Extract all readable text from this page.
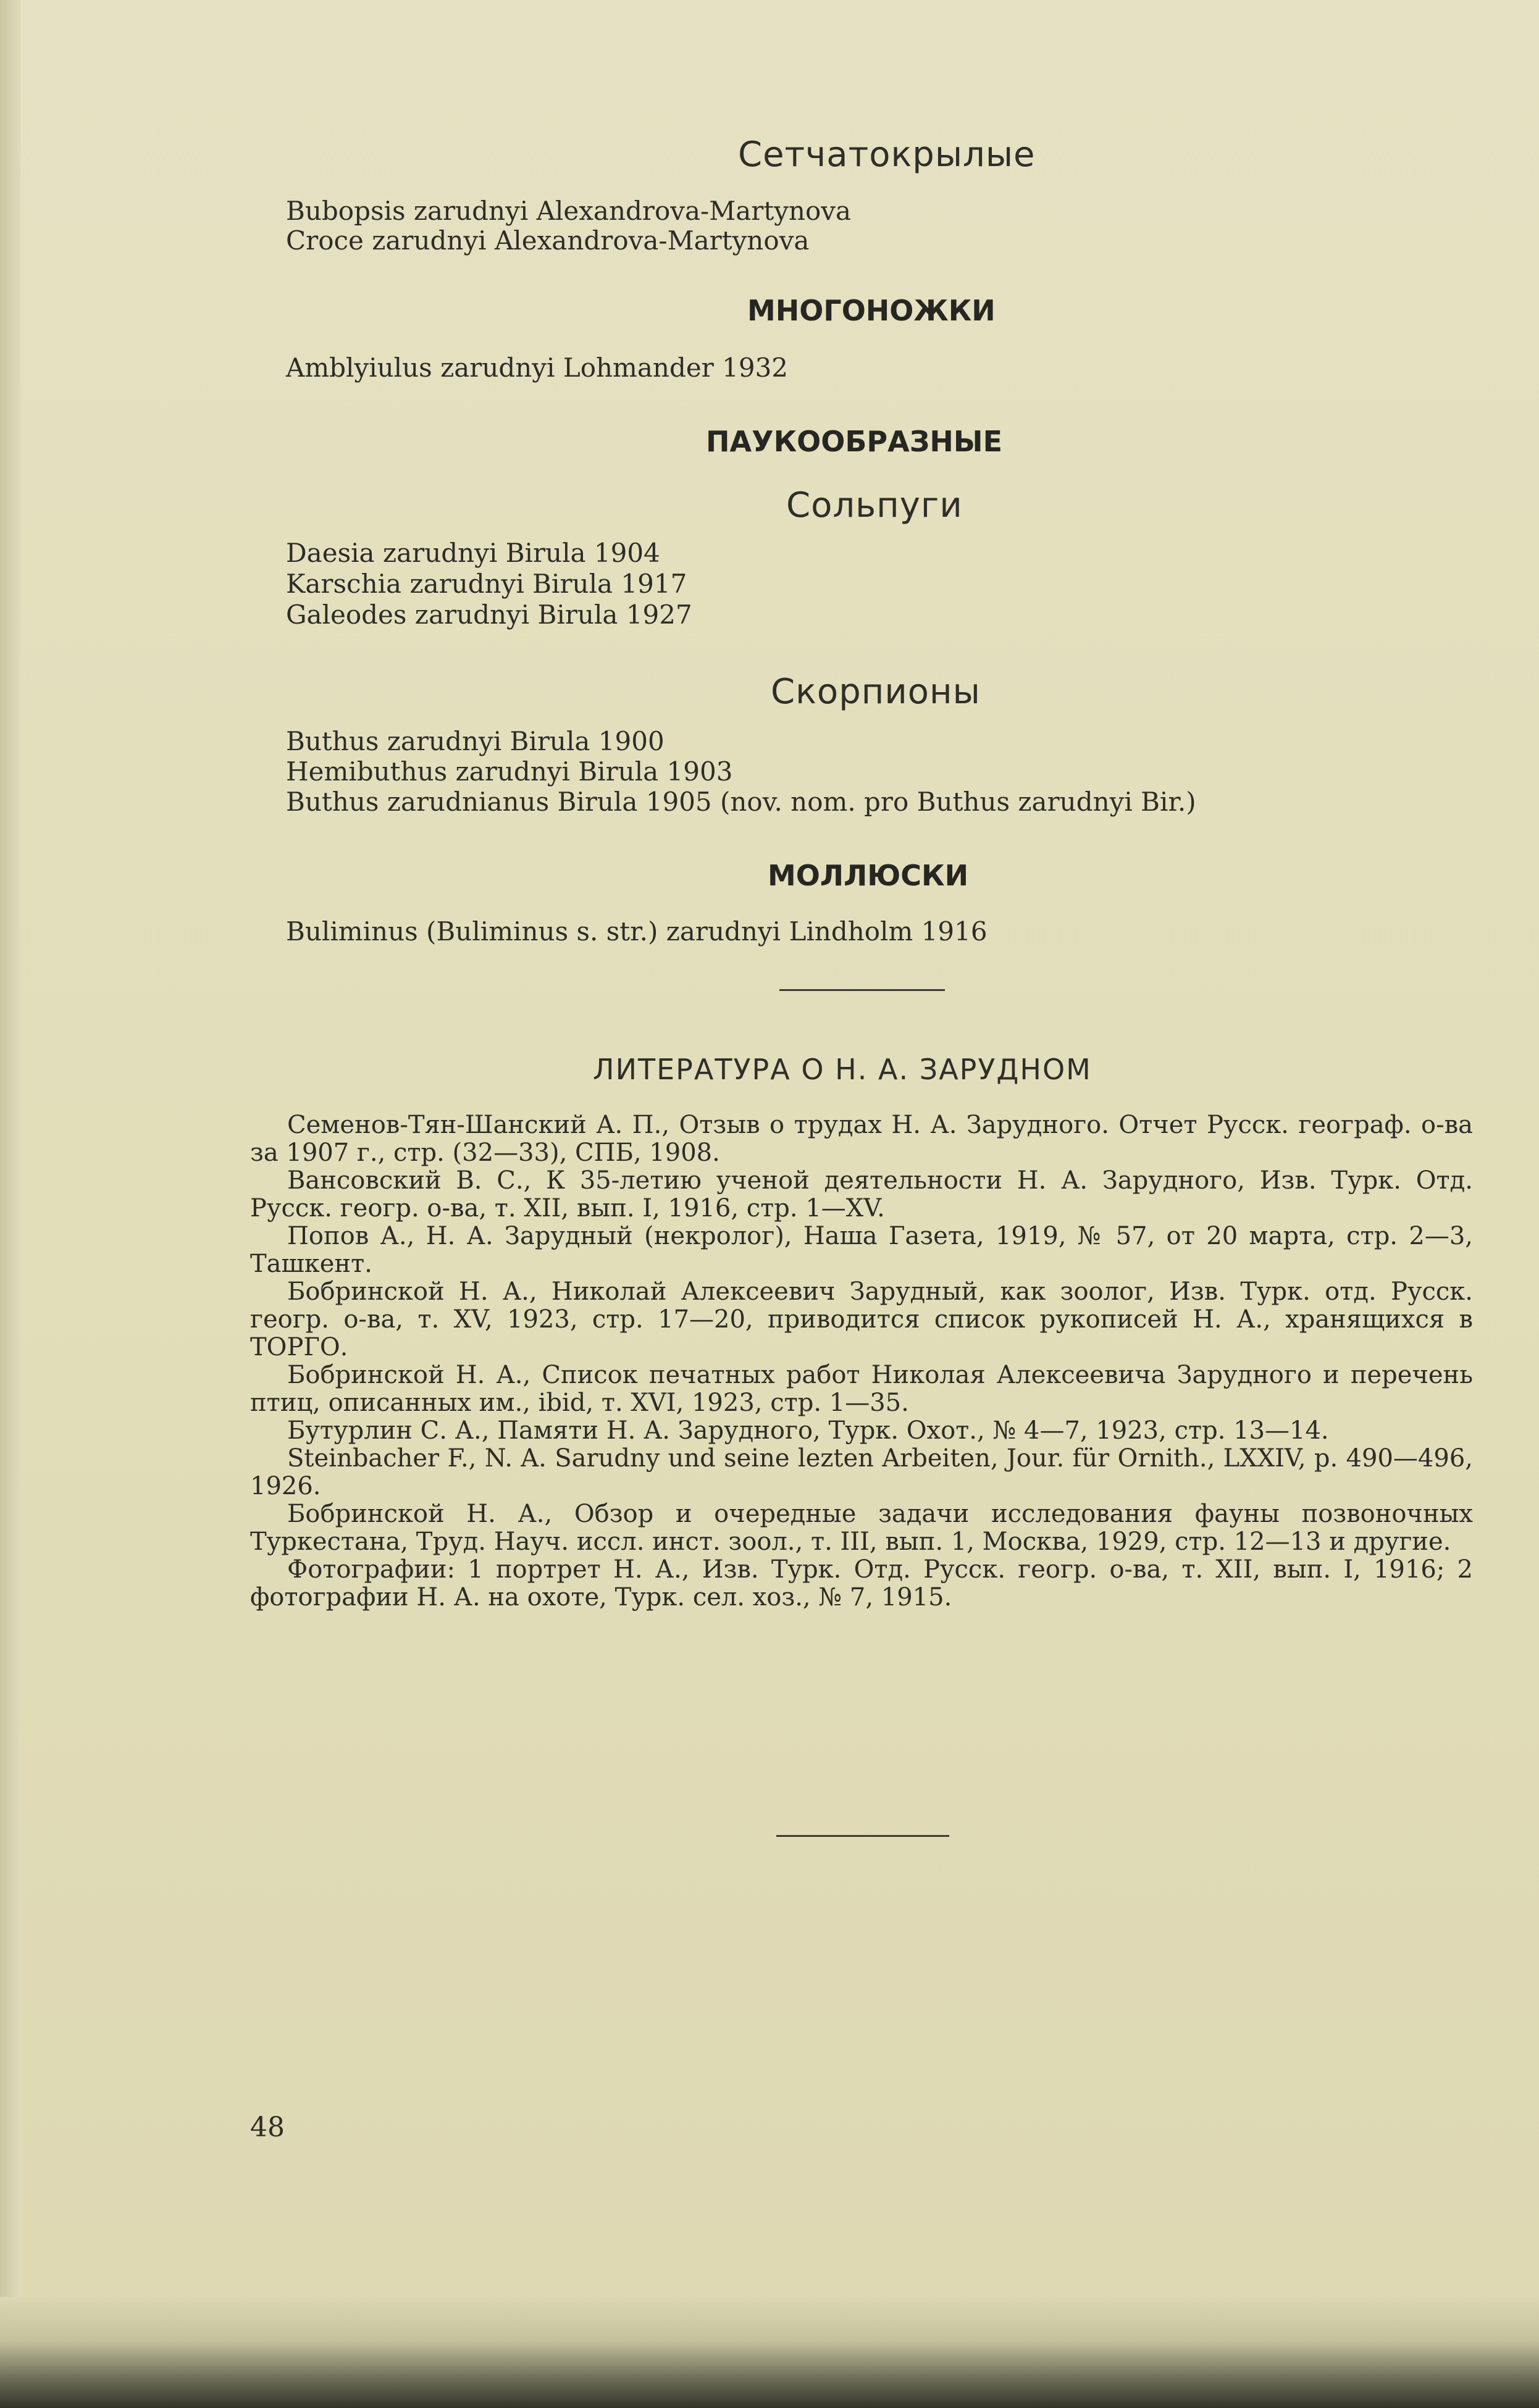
Сетчатокрылые
Bubopsis zarudnyi Alexandrova-Martynova
Croce zarudnyi Alexandrova-Martynova
МНОГОНОЖКИ
Amblyiulus zarudnyi Lohmander 1932
ПАУКООБРАЗНЫЕ
Сольпуги
Daesia zarudnyi Birula 1904
Karschia zarudnyi Birula 1917
Galeodes zarudnyi Birula 1927
Скорпионы
Buthus zarudnyi Birula 1900
Hemibuthus zarudnyi Birula 1903
Buthus zarudnianus Birula 1905 (nov. nom. pro Buthus zarudnyi Bir.)
МОЛЛЮСКИ
Buliminus (Buliminus s. str.) zarudnyi Lindholm 1916
ЛИТЕРАТУРА О Н. А. ЗАРУДНОМ

Семенов-Тян-Шанский А. П., Отзыв о трудах Н. А. Зарудного. Отчет Русск. географ. о-ва за 1907 г., стр. (32—33), СПБ, 1908.

Вансовский В. С., К 35-летию ученой деятельности Н. А. Зарудного, Изв. Турк. Отд. Русск. геогр. о-ва, т. XII, вып. I, 1916, стр. 1—XV.

Попов А., Н. А. Зарудный (некролог), Наша Газета, 1919, № 57, от 20 марта, стр. 2—3, Ташкент.

Бобринской Н. А., Николай Алексеевич Зарудный, как зоолог, Изв. Турк. отд. Русск. геогр. о-ва, т. XV, 1923, стр. 17—20, приводится список рукописей Н. А., хранящихся в ТОРГО.

Бобринской Н. А., Список печатных работ Николая Алексеевича Зарудного и перечень птиц, описанных им., ibid, т. XVI, 1923, стр. 1—35.

Бутурлин С. А., Памяти Н. А. Зарудного, Турк. Охот., № 4—7, 1923, стр. 13—14.

Steinbacher F., N. A. Sarudny und seine lezten Arbeiten, Jour. für Ornith., LXXIV, p. 490—496, 1926.

Бобринской Н. А., Обзор и очередные задачи исследования фауны позвоночных Туркестана, Труд. Науч. иссл. инст. зоол., т. III, вып. 1, Москва, 1929, стр. 12—13 и другие.

Фотографии: 1 портрет Н. А., Изв. Турк. Отд. Русск. геогр. о-ва, т. XII, вып. I, 1916; 2 фотографии Н. А. на охоте, Турк. сел. хоз., № 7, 1915.

48
